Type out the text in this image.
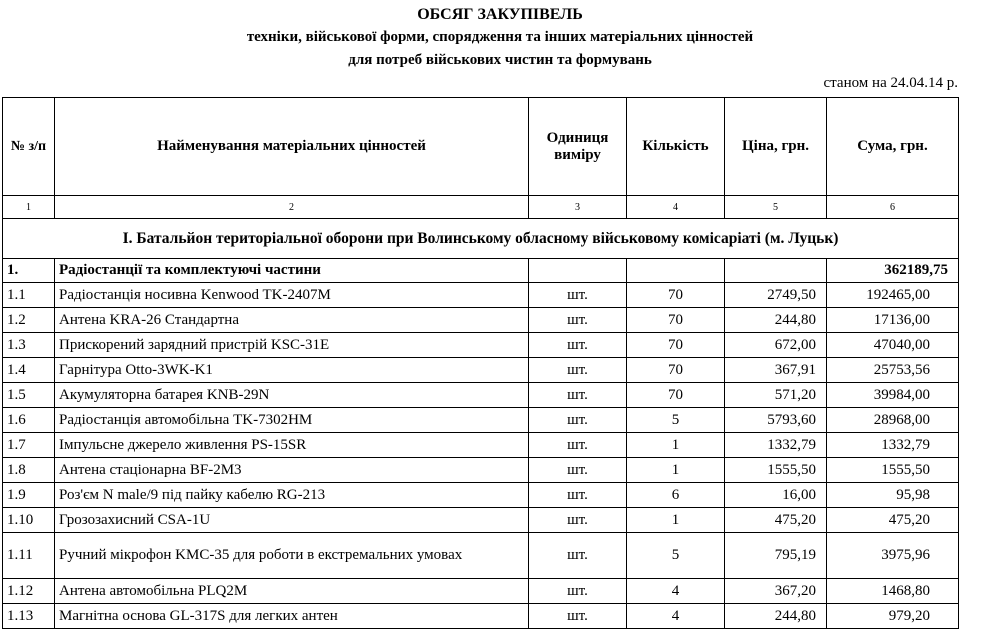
ОБСЯГ ЗАКУПІВЕЛЬ
техніки, військової форми, спорядження та інших матеріальних цінностей
для потреб військових чистин та формувань
станом на 24.04.14 р.
№ з/п	Найменування матеріальних цінностей	Одиниця виміру	Кількість	Ціна, грн.	Сума, грн.
1	2	3	4	5	6
І. Батальйон територіальної оборони при Волинському обласному військовому комісаріаті (м. Луцьк)					
1.	Радіостанції та комплектуючі частини				362189,75
1.1	Радіостанція носивна Kenwood TK-2407M	шт.	70	2749,50	192465,00
1.2	Антена KRA-26 Стандартна	шт.	70	244,80	17136,00
1.3	Прискорений зарядний пристрій KSC-31E	шт.	70	672,00	47040,00
1.4	Гарнітура Otto-3WK-K1	шт.	70	367,91	25753,56
1.5	Акумуляторна батарея KNB-29N	шт.	70	571,20	39984,00
1.6	Радіостанція автомобільна TK-7302HM	шт.	5	5793,60	28968,00
1.7	Імпульсне джерело живлення PS-15SR	шт.	1	1332,79	1332,79
1.8	Антена стаціонарна BF-2M3	шт.	1	1555,50	1555,50
1.9	Роз'єм N male/9 під пайку кабелю RG-213	шт.	6	16,00	95,98
1.10	Грозозахисний CSA-1U	шт.	1	475,20	475,20
1.11	Ручний мікрофон KMC-35 для роботи в екстремальних умовах	шт.	5	795,19	3975,96
1.12	Антена автомобільна PLQ2M	шт.	4	367,20	1468,80
1.13	Магнітна основа GL-317S для легких антен	шт.	4	244,80	979,20
